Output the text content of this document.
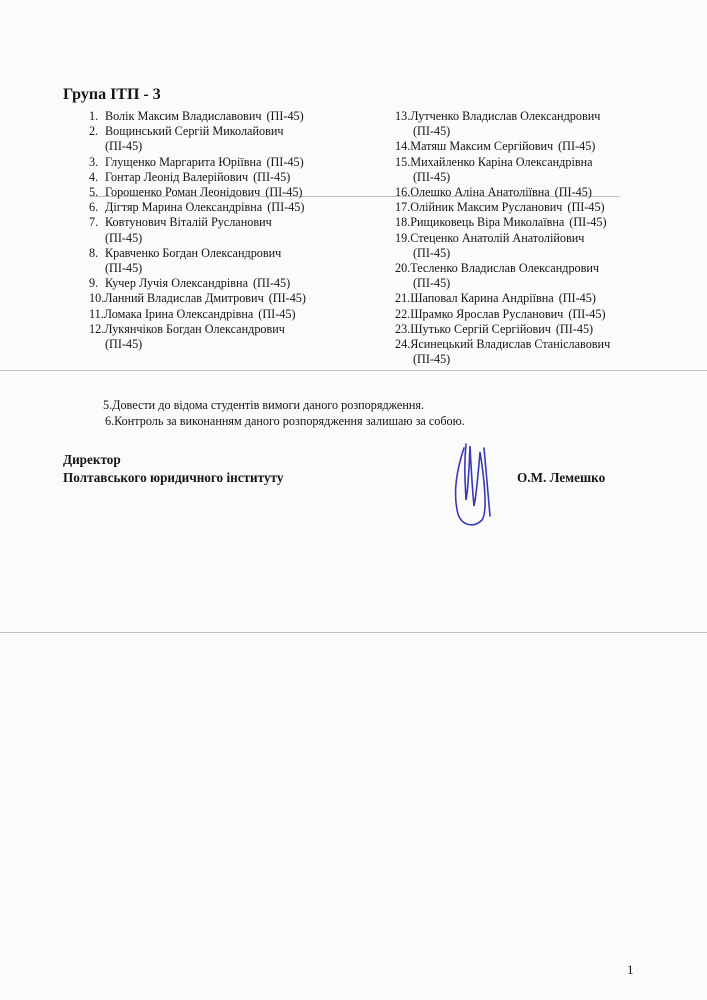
Група ІТП - 3
1. Волік Максим Владиславович (ПІ-45)
2. Вощинський Сергій Миколайович
(ПІ-45)
3. Глущенко Маргарита Юріївна (ПІ-45)
4. Гонтар Леонід Валерійович (ПІ-45)
5. Горошенко Роман Леонідович (ПІ-45)
6. Дігтяр Марина Олександрівна (ПІ-45)
7. Ковтунович Віталій Русланович
(ПІ-45)
8. Кравченко Богдан Олександрович
(ПІ-45)
9. Кучер Лучія Олександрівна (ПІ-45)
10.Ланний Владислав Дмитрович (ПІ-45)
11.Ломака Ірина Олександрівна (ПІ-45)
12.Лукянчіков Богдан Олександрович
(ПІ-45)
13.Лутченко Владислав Олександрович
(ПІ-45)
14.Матяш Максим Сергійович (ПІ-45)
15.Михайленко Каріна Олександрівна
(ПІ-45)
16.Олешко Аліна Анатоліївна (ПІ-45)
17.Олійник Максим Русланович (ПІ-45)
18.Рищиковець Віра Миколаївна (ПІ-45)
19.Стеценко Анатолій Анатолійович
(ПІ-45)
20.Тесленко Владислав Олександрович
(ПІ-45)
21.Шаповал Карина Андріївна (ПІ-45)
22.Шрамко Ярослав Русланович (ПІ-45)
23.Шутько Сергій Сергійович (ПІ-45)
24.Ясинецький Владислав Станіславович
(ПІ-45)
5.Довести до відома студентів вимоги даного розпорядження.
6.Контроль за виконанням даного розпорядження залишаю за собою.
Директор
Полтавського юридичного інституту	О.М. Лемешко
1
